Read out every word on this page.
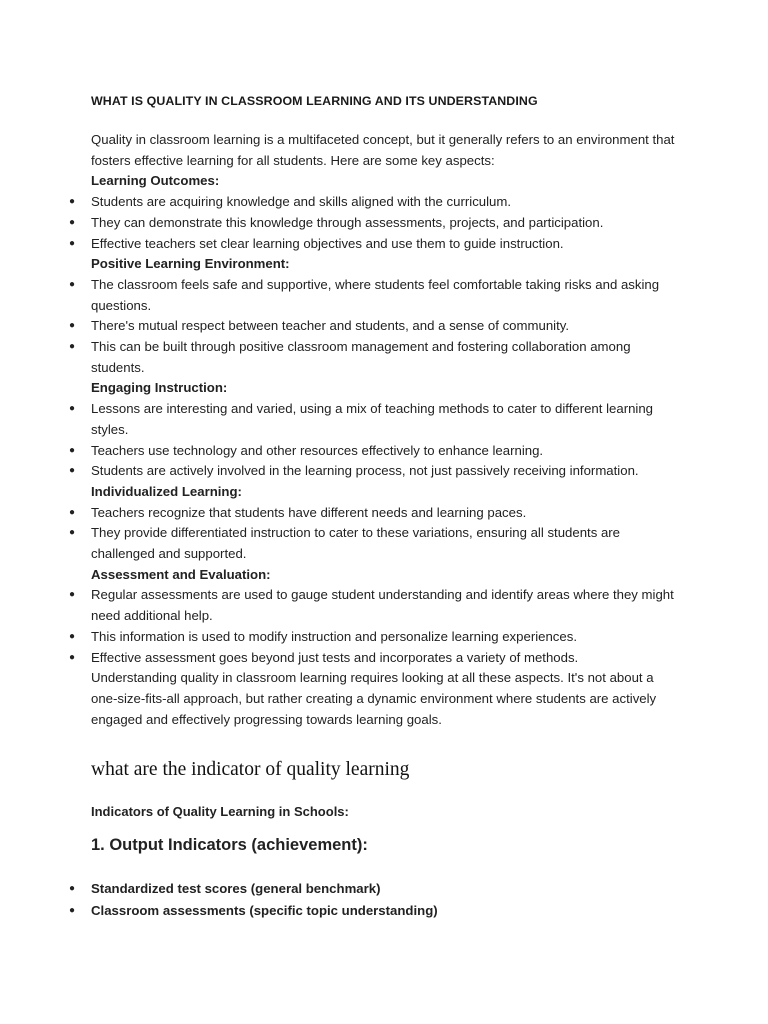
WHAT IS QUALITY IN CLASSROOM LEARNING AND ITS UNDERSTANDING
Quality in classroom learning is a multifaceted concept, but it generally refers to an environment that
fosters effective learning for all students. Here are some key aspects:
Learning Outcomes:
● Students are acquiring knowledge and skills aligned with the curriculum.
● They can demonstrate this knowledge through assessments, projects, and participation.
● Effective teachers set clear learning objectives and use them to guide instruction.
Positive Learning Environment:
● The classroom feels safe and supportive, where students feel comfortable taking risks and asking
questions.
● There's mutual respect between teacher and students, and a sense of community.
● This can be built through positive classroom management and fostering collaboration among
students.
Engaging Instruction:
● Lessons are interesting and varied, using a mix of teaching methods to cater to different learning
styles.
● Teachers use technology and other resources effectively to enhance learning.
● Students are actively involved in the learning process, not just passively receiving information.
Individualized Learning:
● Teachers recognize that students have different needs and learning paces.
● They provide differentiated instruction to cater to these variations, ensuring all students are
challenged and supported.
Assessment and Evaluation:
● Regular assessments are used to gauge student understanding and identify areas where they might
need additional help.
● This information is used to modify instruction and personalize learning experiences.
● Effective assessment goes beyond just tests and incorporates a variety of methods.
Understanding quality in classroom learning requires looking at all these aspects. It's not about a
one-size-fits-all approach, but rather creating a dynamic environment where students are actively
engaged and effectively progressing towards learning goals.
what are the indicator of quality learning
Indicators of Quality Learning in Schools:
1. Output Indicators (achievement):
● Standardized test scores (general benchmark)
● Classroom assessments (specific topic understanding)
